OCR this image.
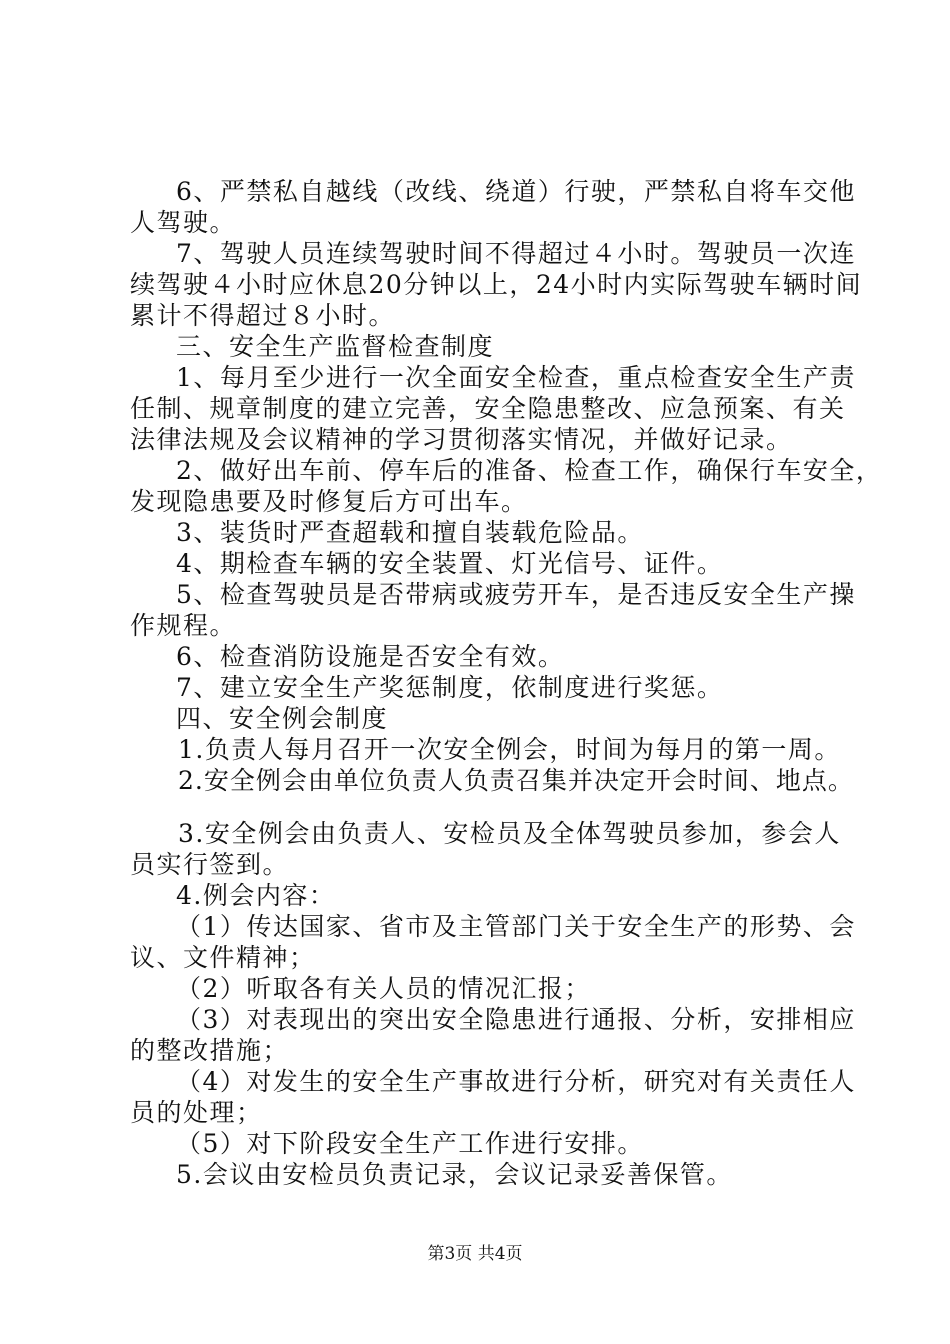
6、严禁私自越线（改线、绕道）行驶，严禁私自将车交他
人驾驶。
7、驾驶人员连续驾驶时间不得超过４小时。驾驶员一次连
续驾驶４小时应休息20分钟以上，24小时内实际驾驶车辆时间
累计不得超过８小时。
三、安全生产监督检查制度
1、每月至少进行一次全面安全检查，重点检查安全生产责
任制、规章制度的建立完善，安全隐患整改、应急预案、有关
法律法规及会议精神的学习贯彻落实情况，并做好记录。
2、做好出车前、停车后的准备、检查工作，确保行车安全，
发现隐患要及时修复后方可出车。
3、装货时严查超载和擅自装载危险品。
4、期检查车辆的安全装置、灯光信号、证件。
5、检查驾驶员是否带病或疲劳开车，是否违反安全生产操
作规程。
6、检查消防设施是否安全有效。
7、建立安全生产奖惩制度，依制度进行奖惩。
四、安全例会制度
1.负责人每月召开一次安全例会，时间为每月的第一周。
2.安全例会由单位负责人负责召集并决定开会时间、地点。
3.安全例会由负责人、安检员及全体驾驶员参加，参会人
员实行签到。
4.例会内容：
（1）传达国家、省市及主管部门关于安全生产的形势、会
议、文件精神；
（2）听取各有关人员的情况汇报；
（3）对表现出的突出安全隐患进行通报、分析，安排相应
的整改措施；
（4）对发生的安全生产事故进行分析，研究对有关责任人
员的处理；
（5）对下阶段安全生产工作进行安排。
5.会议由安检员负责记录，会议记录妥善保管。
第3页 共4页
